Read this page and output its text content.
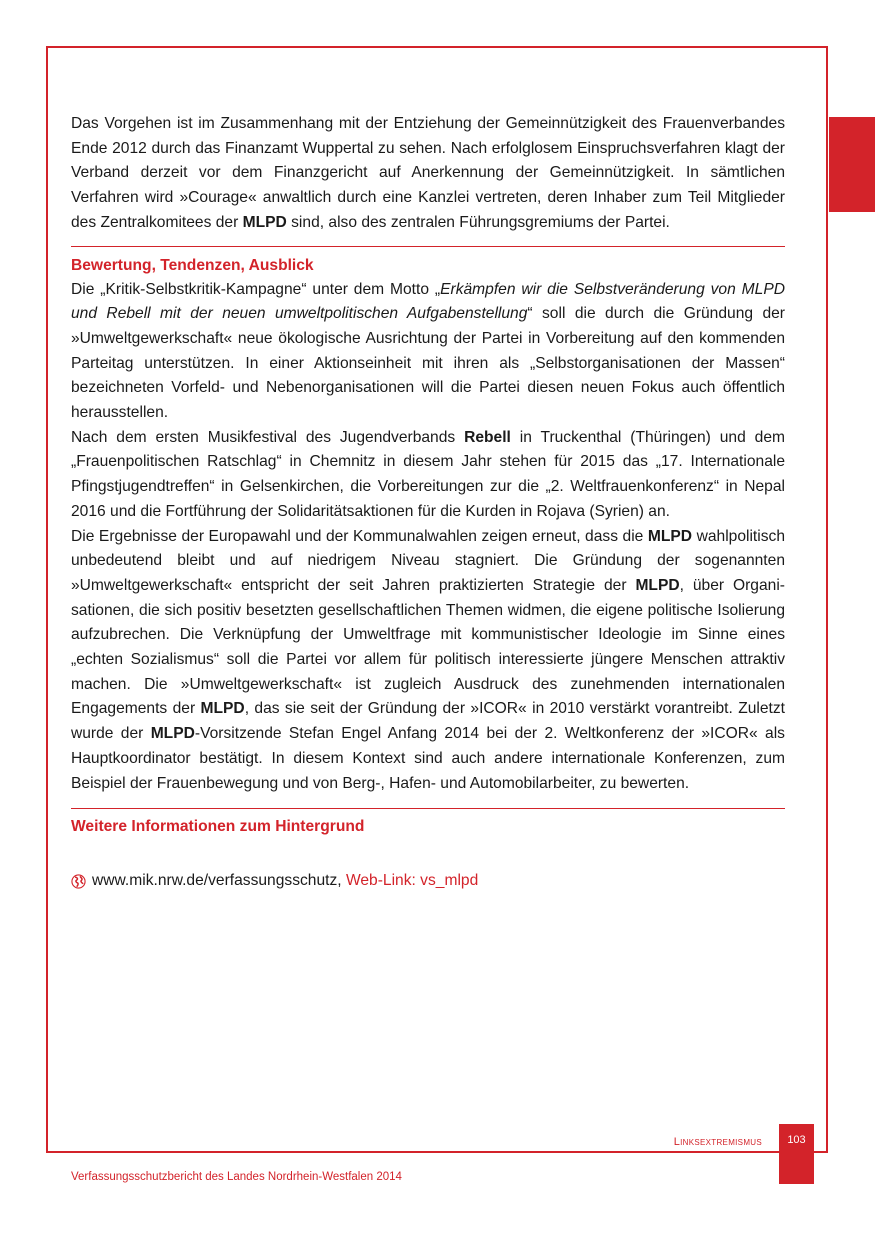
Das Vorgehen ist im Zusammenhang mit der Entziehung der Gemeinnützigkeit des Frauenverbandes Ende 2012 durch das Finanzamt Wuppertal zu sehen. Nach erfolglosem Einspruchsverfahren klagt der Verband derzeit vor dem Finanzgericht auf Anerkennung der Gemeinnützigkeit. In sämtlichen Verfahren wird »Courage« anwaltlich durch eine Kanzlei vertreten, deren Inhaber zum Teil Mitglieder des Zentralkomitees der MLPD sind, also des zentralen Führungsgremiums der Partei.

Bewertung, Tendenzen, Ausblick

Die „Kritik-Selbstkritik-Kampagne“ unter dem Motto „Erkämpfen wir die Selbstveränderung von MLPD und Rebell mit der neuen umweltpolitischen Aufgabenstellung“ soll die durch die Gründung der »Umweltgewerkschaft« neue ökologische Ausrichtung der Partei in Vorbereitung auf den kommenden Parteitag unterstützen. In einer Aktionseinheit mit ihren als „Selbstorganisationen der Massen“ bezeichneten Vorfeld- und Nebenorganisationen will die Partei diesen neuen Fokus auch öffentlich herausstellen.

Nach dem ersten Musikfestival des Jugendverbands Rebell in Truckenthal (Thüringen) und dem „Frauenpolitischen Ratschlag“ in Chemnitz in diesem Jahr stehen für 2015 das „17. Internationale Pfingstjugendtreffen“ in Gelsenkirchen, die Vorbereitungen zur die „2. Weltfrauenkonferenz“ in Nepal 2016 und die Fortführung der Solidaritätsaktionen für die Kurden in Rojava (Syrien) an.

Die Ergebnisse der Europawahl und der Kommunalwahlen zeigen erneut, dass die MLPD wahlpolitisch unbedeutend bleibt und auf niedrigem Niveau stagniert. Die Gründung der sogenannten »Umweltgewerkschaft« entspricht der seit Jahren praktizierten Strategie der MLPD, über Organisationen, die sich positiv besetzten gesellschaftlichen Themen widmen, die eigene politische Isolierung aufzubrechen. Die Verknüpfung der Umweltfrage mit kommunistischer Ideologie im Sinne eines „echten Sozialismus“ soll die Partei vor allem für politisch interessierte jüngere Menschen attraktiv machen. Die »Umweltgewerkschaft« ist zugleich Ausdruck des zunehmenden internationalen Engagements der MLPD, das sie seit der Gründung der »ICOR« in 2010 verstärkt vorantreibt. Zuletzt wurde der MLPD-Vorsitzende Stefan Engel Anfang 2014 bei der 2. Weltkonferenz der »ICOR« als Hauptkoordinator bestätigt. In diesem Kontext sind auch andere internationale Konferenzen, zum Beispiel der Frauenbewegung und von Berg-, Hafen- und Automobilarbeiter, zu bewerten.

Weitere Informationen zum Hintergrund
www.mik.nrw.de/verfassungsschutz , Web-Link: vs_mlpd
Linksextremismus	103
Verfassungsschutzbericht des Landes Nordrhein-Westfalen 2014
